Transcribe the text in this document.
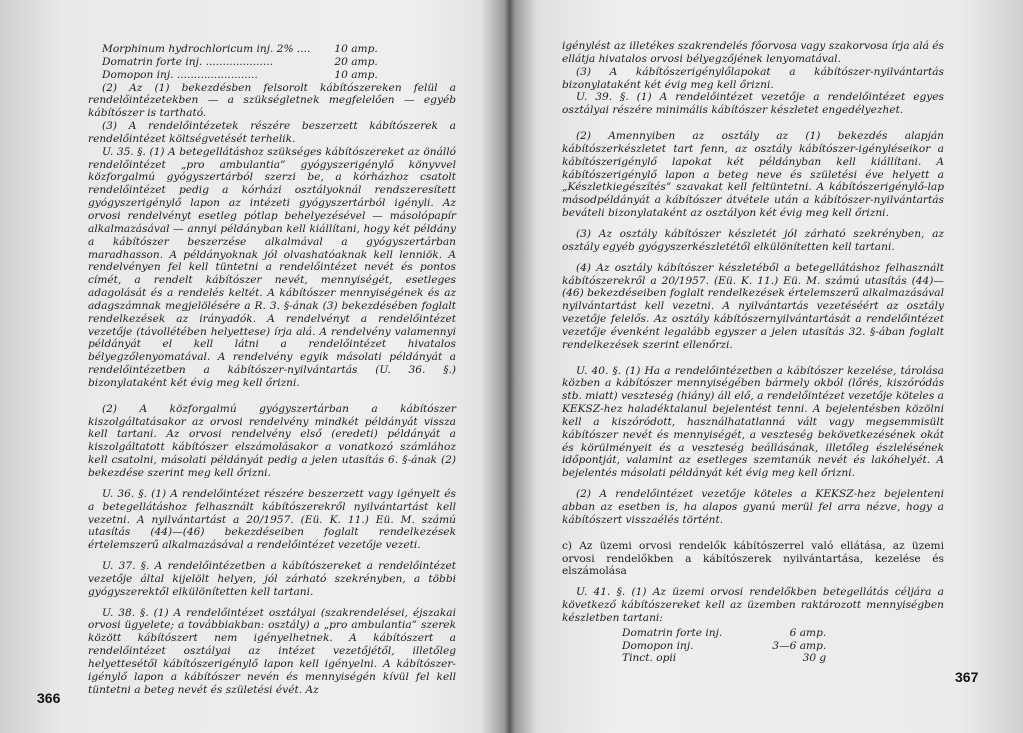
Morphinum hydrochloricum inj. 2% ....	10 amp.
Domatrin forte inj. ....................	20 amp.
Domopon inj. ........................	10 amp.

(2) Az (1) bekezdésben felsorolt kábítószereken felül a rendelőintézetekben — a szükségletnek megfelelően — egyéb kábítószer is tartható.

(3) A rendelőintézetek részére beszerzett kábítószerek a rendelőintézet költségvetését terhelik.

U. 35. §. (1) A betegellátáshoz szükséges kábítószereket az önálló rendelőintézet „pro ambulantia” gyógyszerigénylő könyvvel közforgalmú gyógyszertárból szerzi be, a kórházhoz csatolt rendelőintézet pedig a kórházi osztályoknál rendszeresített gyógyszerigénylő lapon az intézeti gyógyszertárból igényli. Az orvosi rendelvényt esetleg pótlap behelyezésével — másolópapír alkalmazásával — annyi példányban kell kiállítani, hogy két példány a kábítószer beszerzése alkalmával a gyógyszertárban maradhasson. A példányoknak jól olvashatóaknak kell lenniök. A rendelvényen fel kell tüntetni a rendelőintézet nevét és pontos címét, a rendelt kábítószer nevét, mennyiségét, esetleges adagolását és a rendelés keltét. A kábítószer mennyiségének és az adagszámnak megjelölésére a R. 3. §-ának (3) bekezdésében foglalt rendelkezések az irányadók. A rendelvényt a rendelőintézet vezetője (távollétében helyettese) írja alá. A rendelvény valamennyi példányát el kell látni a rendelőintézet hivatalos bélyegzőlenyomatával. A rendelvény egyik másolati példányát a rendelőintézetben a kábítószer-nyilvántartás (U. 36. §.) bizonylataként két évig meg kell őrizni.

(2) A közforgalmú gyógyszertárban a kábítószer kiszolgáltatásakor az orvosi rendelvény mindkét példányát vissza kell tartani. Az orvosi rendelvény első (eredeti) példányát a kiszolgáltatott kábítószer elszámolásakor a vonatkozó számlához kell csatolni, másolati példányát pedig a jelen utasítás 6. §-ának (2) bekezdése szerint meg kell őrizni.

U. 36. §. (1) A rendelőintézet részére beszerzett vagy igényelt és a betegellátáshoz felhasznált kábítószerekről nyilvántartást kell vezetni. A nyilvántartást a 20/1957. (Eü. K. 11.) Eü. M. számú utasítás (44)—(46) bekezdéseiben foglalt rendelkezések értelemszerű alkalmazásával a rendelőintézet vezetője vezeti.

U. 37. §. A rendelőintézetben a kábítószereket a rendelőintézet vezetője által kijelölt helyen, jól zárható szekrényben, a többi gyógyszerektől elkülönítetten kell tartani.

U. 38. §. (1) A rendelőintézet osztályai (szakrendelései, éjszakai orvosi ügyelete; a továbbiakban: osztály) a „pro ambulantia” szerek között kábítószert nem igényelhetnek. A kábítószert a rendelőintézet osztályai az intézet vezetőjétől, illetőleg helyettesétől kábítószerigénylő lapon kell igényelni. A kábítószer-igénylő lapon a kábítószer nevén és mennyiségén kívül fel kell tüntetni a beteg nevét és születési évét. Az

366

igénylést az illetékes szakrendelés főorvosa vagy szakorvosa írja alá és ellátja hivatalos orvosi bélyegzőjének lenyomatával.

(3) A kábítószerigénylőlapokat a kábítószer-nyilvántartás bizonylataként két évig meg kell őrizni.

U. 39. §. (1) A rendelőintézet vezetője a rendelőintézet egyes osztályai részére minimális kábítószer készletet engedélyezhet.

(2) Amennyiben az osztály az (1) bekezdés alapján kábítószerkészletet tart fenn, az osztály kábítószer-igényléseikor a kábítószerigénylő lapokat két példányban kell kiállítani. A kábítószerigénylő lapon a beteg neve és születési éve helyett a „Készletkiegészítés” szavakat kell feltüntetni. A kábítószerigénylő-lap másodpéldányát a kábítószer átvétele után a kábítószer-nyilvántartás beváteli bizonylataként az osztályon két évig meg kell őrizni.

(3) Az osztály kábítószer készletét jól zárható szekrényben, az osztály egyéb gyógyszerkészletétől elkülönítetten kell tartani.

(4) Az osztály kábítószer készletéből a betegellátáshoz felhasznált kábítószerekről a 20/1957. (Eü. K. 11.) Eü. M. számú utasítás (44)—(46) bekezdéseiben foglalt rendelkezések értelemszerű alkalmazásával nyilvántartást kell vezetni. A nyilvántartás vezetéséért az osztály vezetője felelős. Az osztály kábítószernyilvántartását a rendelőintézet vezetője évenként legalább egyszer a jelen utasítás 32. §-ában foglalt rendelkezések szerint ellenőrzi.

U. 40. §. (1) Ha a rendelőintézetben a kábítószer kezelése, tárolása közben a kábítószer mennyiségében bármely okból (lőrés, kiszóródás stb. miatt) veszteség (hiány) áll elő, a rendelőintézet vezetője köteles a KEKSZ-hez haladéktalanul bejelentést tenni. A bejelentésben közölni kell a kiszóródott, használhatatlanná vált vagy megsemmisült kábítószer nevét és mennyiségét, a veszteség bekövetkezésének okát és körülményeit és a veszteség beállásának, illetőleg észlelésének időpontját, valamint az esetleges szemtanúk nevét és lakóhelyét. A bejelentés másolati példányát két évig meg kell őrizni.

(2) A rendelőintézet vezetője köteles a KEKSZ-hez bejelenteni abban az esetben is, ha alapos gyanú merül fel arra nézve, hogy a kábítószert visszaélés történt.

c) Az üzemi orvosi rendelők kábítószerrel való ellátása, az üzemi orvosi rendelőkben a kábítószerek nyilvántartása, kezelése és elszámolása

U. 41. §. (1) Az üzemi orvosi rendelőkben betegellátás céljára a következő kábítószereket kell az üzemben raktározott mennyiségben készletben tartani:

Domatrin forte inj.	6 amp.
Domopon inj.	3—6 amp.
Tinct. opii	30 g
367
